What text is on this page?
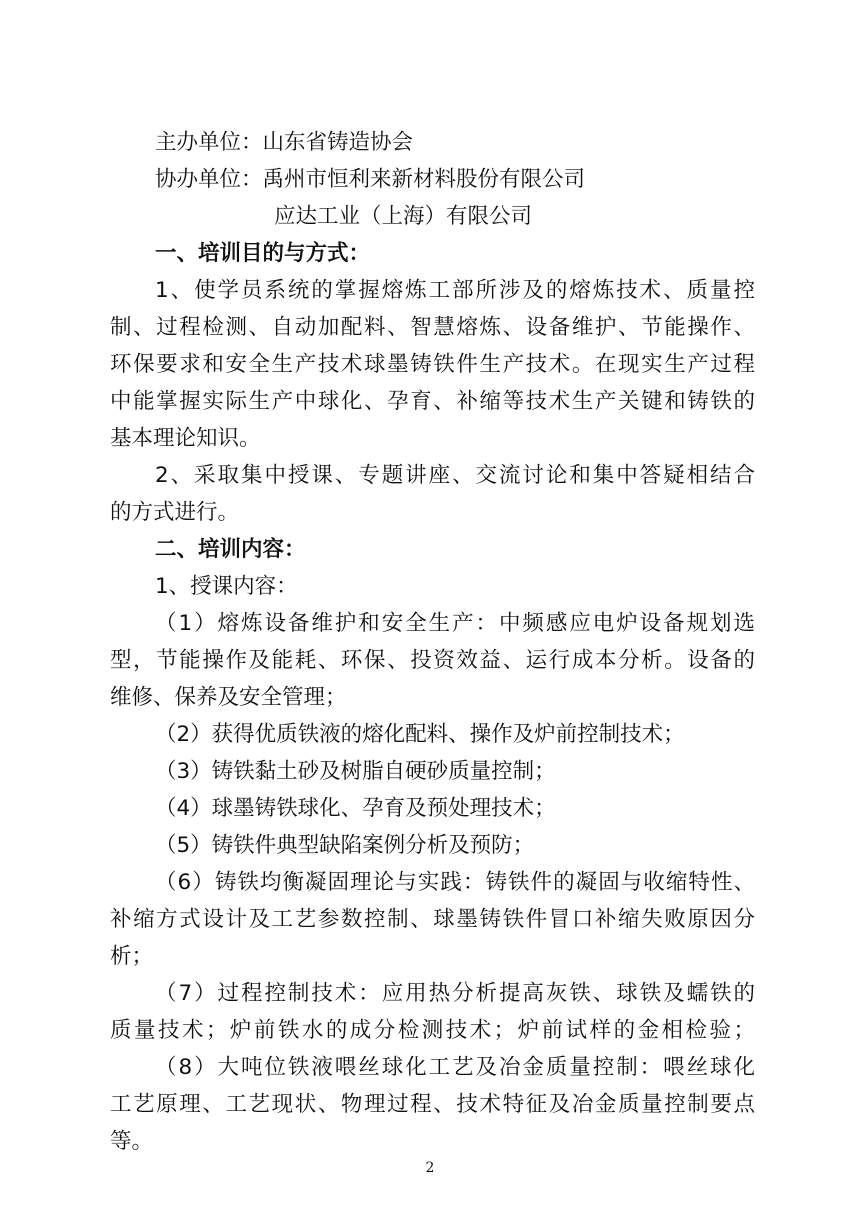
主办单位：山东省铸造协会
协办单位：禹州市恒利来新材料股份有限公司
应达工业（上海）有限公司
一、培训目的与方式：
1、使学员系统的掌握熔炼工部所涉及的熔炼技术、质量控
制、过程检测、自动加配料、智慧熔炼、设备维护、节能操作、
环保要求和安全生产技术球墨铸铁件生产技术。在现实生产过程
中能掌握实际生产中球化、孕育、补缩等技术生产关键和铸铁的
基本理论知识。
2、采取集中授课、专题讲座、交流讨论和集中答疑相结合
的方式进行。
二、培训内容：
1、授课内容：
（1）熔炼设备维护和安全生产：中频感应电炉设备规划选
型，节能操作及能耗、环保、投资效益、运行成本分析。设备的
维修、保养及安全管理；
（2）获得优质铁液的熔化配料、操作及炉前控制技术；
（3）铸铁黏土砂及树脂自硬砂质量控制；
（4）球墨铸铁球化、孕育及预处理技术；
（5）铸铁件典型缺陷案例分析及预防；
（6）铸铁均衡凝固理论与实践：铸铁件的凝固与收缩特性、
补缩方式设计及工艺参数控制、球墨铸铁件冒口补缩失败原因分
析；
（7）过程控制技术：应用热分析提高灰铁、球铁及蠕铁的
质量技术；炉前铁水的成分检测技术；炉前试样的金相检验；
（8）大吨位铁液喂丝球化工艺及冶金质量控制：喂丝球化
工艺原理、工艺现状、物理过程、技术特征及冶金质量控制要点
等。
2
